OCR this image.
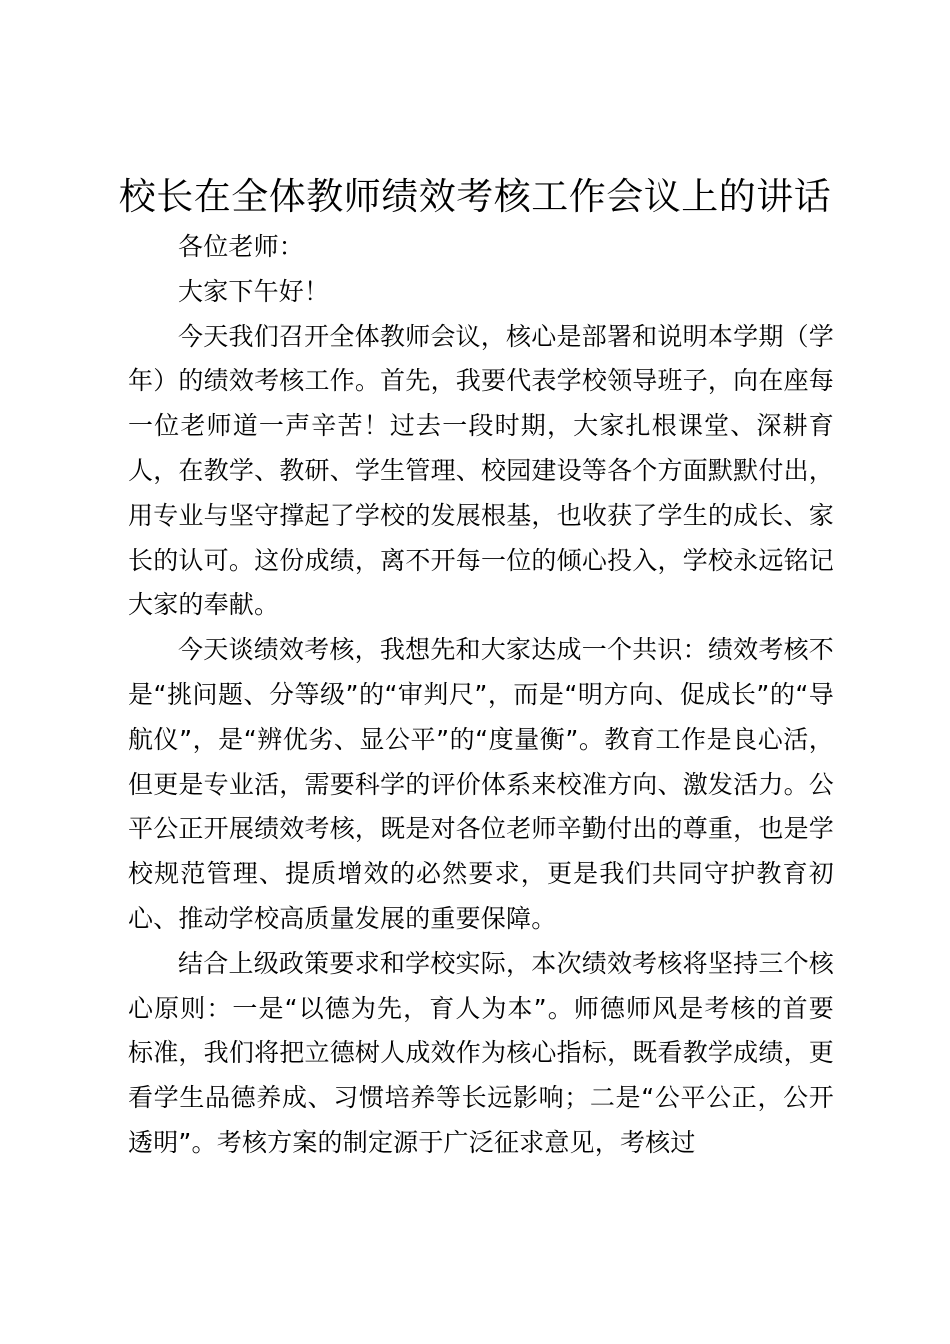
校长在全体教师绩效考核工作会议上的讲话

各位老师：

大家下午好！

今天我们召开全体教师会议，核心是部署和说明本学期（学年）的绩效考核工作。首先，我要代表学校领导班子，向在座每一位老师道一声辛苦！过去一段时期，大家扎根课堂、深耕育人，在教学、教研、学生管理、校园建设等各个方面默默付出，用专业与坚守撑起了学校的发展根基，也收获了学生的成长、家长的认可。这份成绩，离不开每一位的倾心投入，学校永远铭记大家的奉献。

今天谈绩效考核，我想先和大家达成一个共识：绩效考核不是“挑问题、分等级”的“审判尺”，而是“明方向、促成长”的“导航仪”，是“辨优劣、显公平”的“度量衡”。教育工作是良心活，但更是专业活，需要科学的评价体系来校准方向、激发活力。公平公正开展绩效考核，既是对各位老师辛勤付出的尊重，也是学校规范管理、提质增效的必然要求，更是我们共同守护教育初心、推动学校高质量发展的重要保障。

结合上级政策要求和学校实际，本次绩效考核将坚持三个核心原则：一是“以德为先，育人为本”。师德师风是考核的首要标准，我们将把立德树人成效作为核心指标，既看教学成绩，更看学生品德养成、习惯培养等长远影响；二是“公平公正，公开透明”。考核方案的制定源于广泛征求意见，考核过
